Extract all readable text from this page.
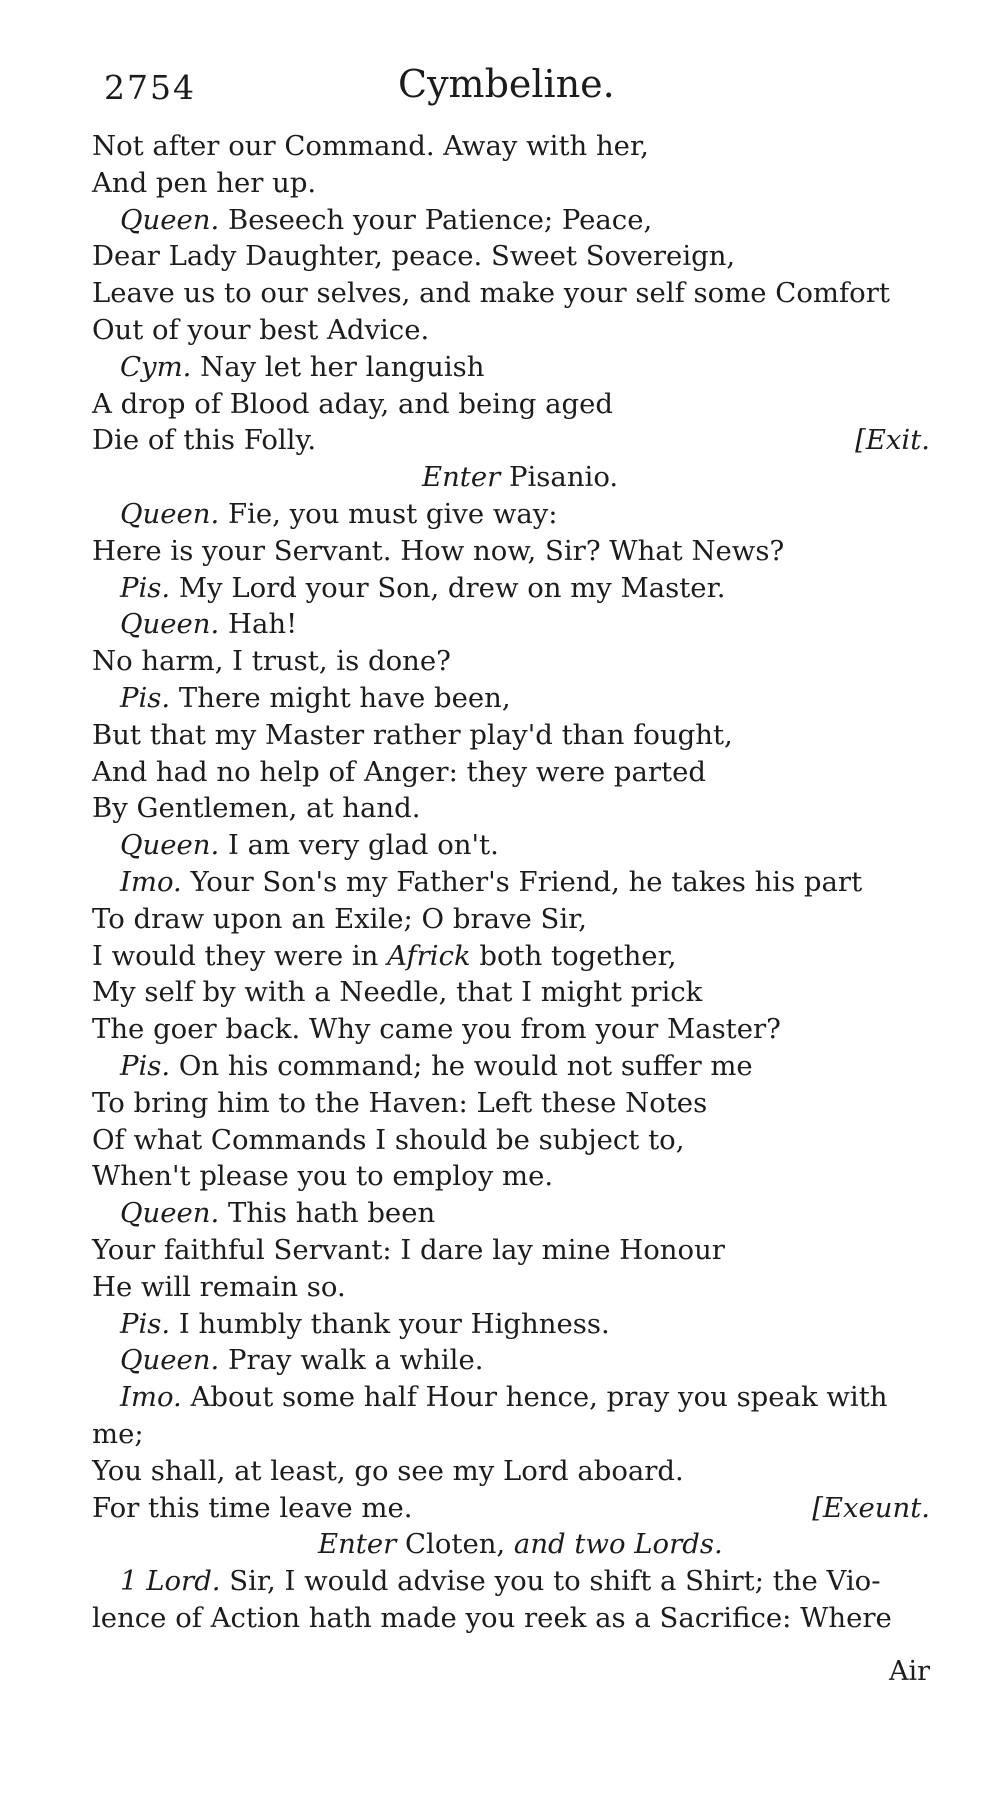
2754	Cymbeline.
Not after our Command. Away with her,
And pen her up.
Queen. Beseech your Patience; Peace,
Dear Lady Daughter, peace. Sweet Sovereign,
Leave us to our selves, and make your self some Comfort
Out of your best Advice.
Cym. Nay let her languish
A drop of Blood aday, and being aged
[Exit.
Die of this Folly.
Enter Pisanio.
Queen. Fie, you must give way:
Here is your Servant. How now, Sir? What News?
Pis. My Lord your Son, drew on my Master.
Queen. Hah!
No harm, I trust, is done?
Pis. There might have been,
But that my Master rather play'd than fought,
And had no help of Anger: they were parted
By Gentlemen, at hand.
Queen. I am very glad on't.
Imo. Your Son's my Father's Friend, he takes his part
To draw upon an Exile; O brave Sir,
I would they were in Africk both together,
My self by with a Needle, that I might prick
The goer back. Why came you from your Master?
Pis. On his command; he would not suffer me
To bring him to the Haven: Left these Notes
Of what Commands I should be subject to,
When't please you to employ me.
Queen. This hath been
Your faithful Servant: I dare lay mine Honour
He will remain so.
Pis. I humbly thank your Highness.
Queen. Pray walk a while.
Imo. About some half Hour hence, pray you speak with
me;
You shall, at least, go see my Lord aboard.
[Exeunt.
For this time leave me.
Enter Cloten, and two Lords.
1 Lord. Sir, I would advise you to shift a Shirt; the Vio-
lence of Action hath made you reek as a Sacrifice: Where
Air
